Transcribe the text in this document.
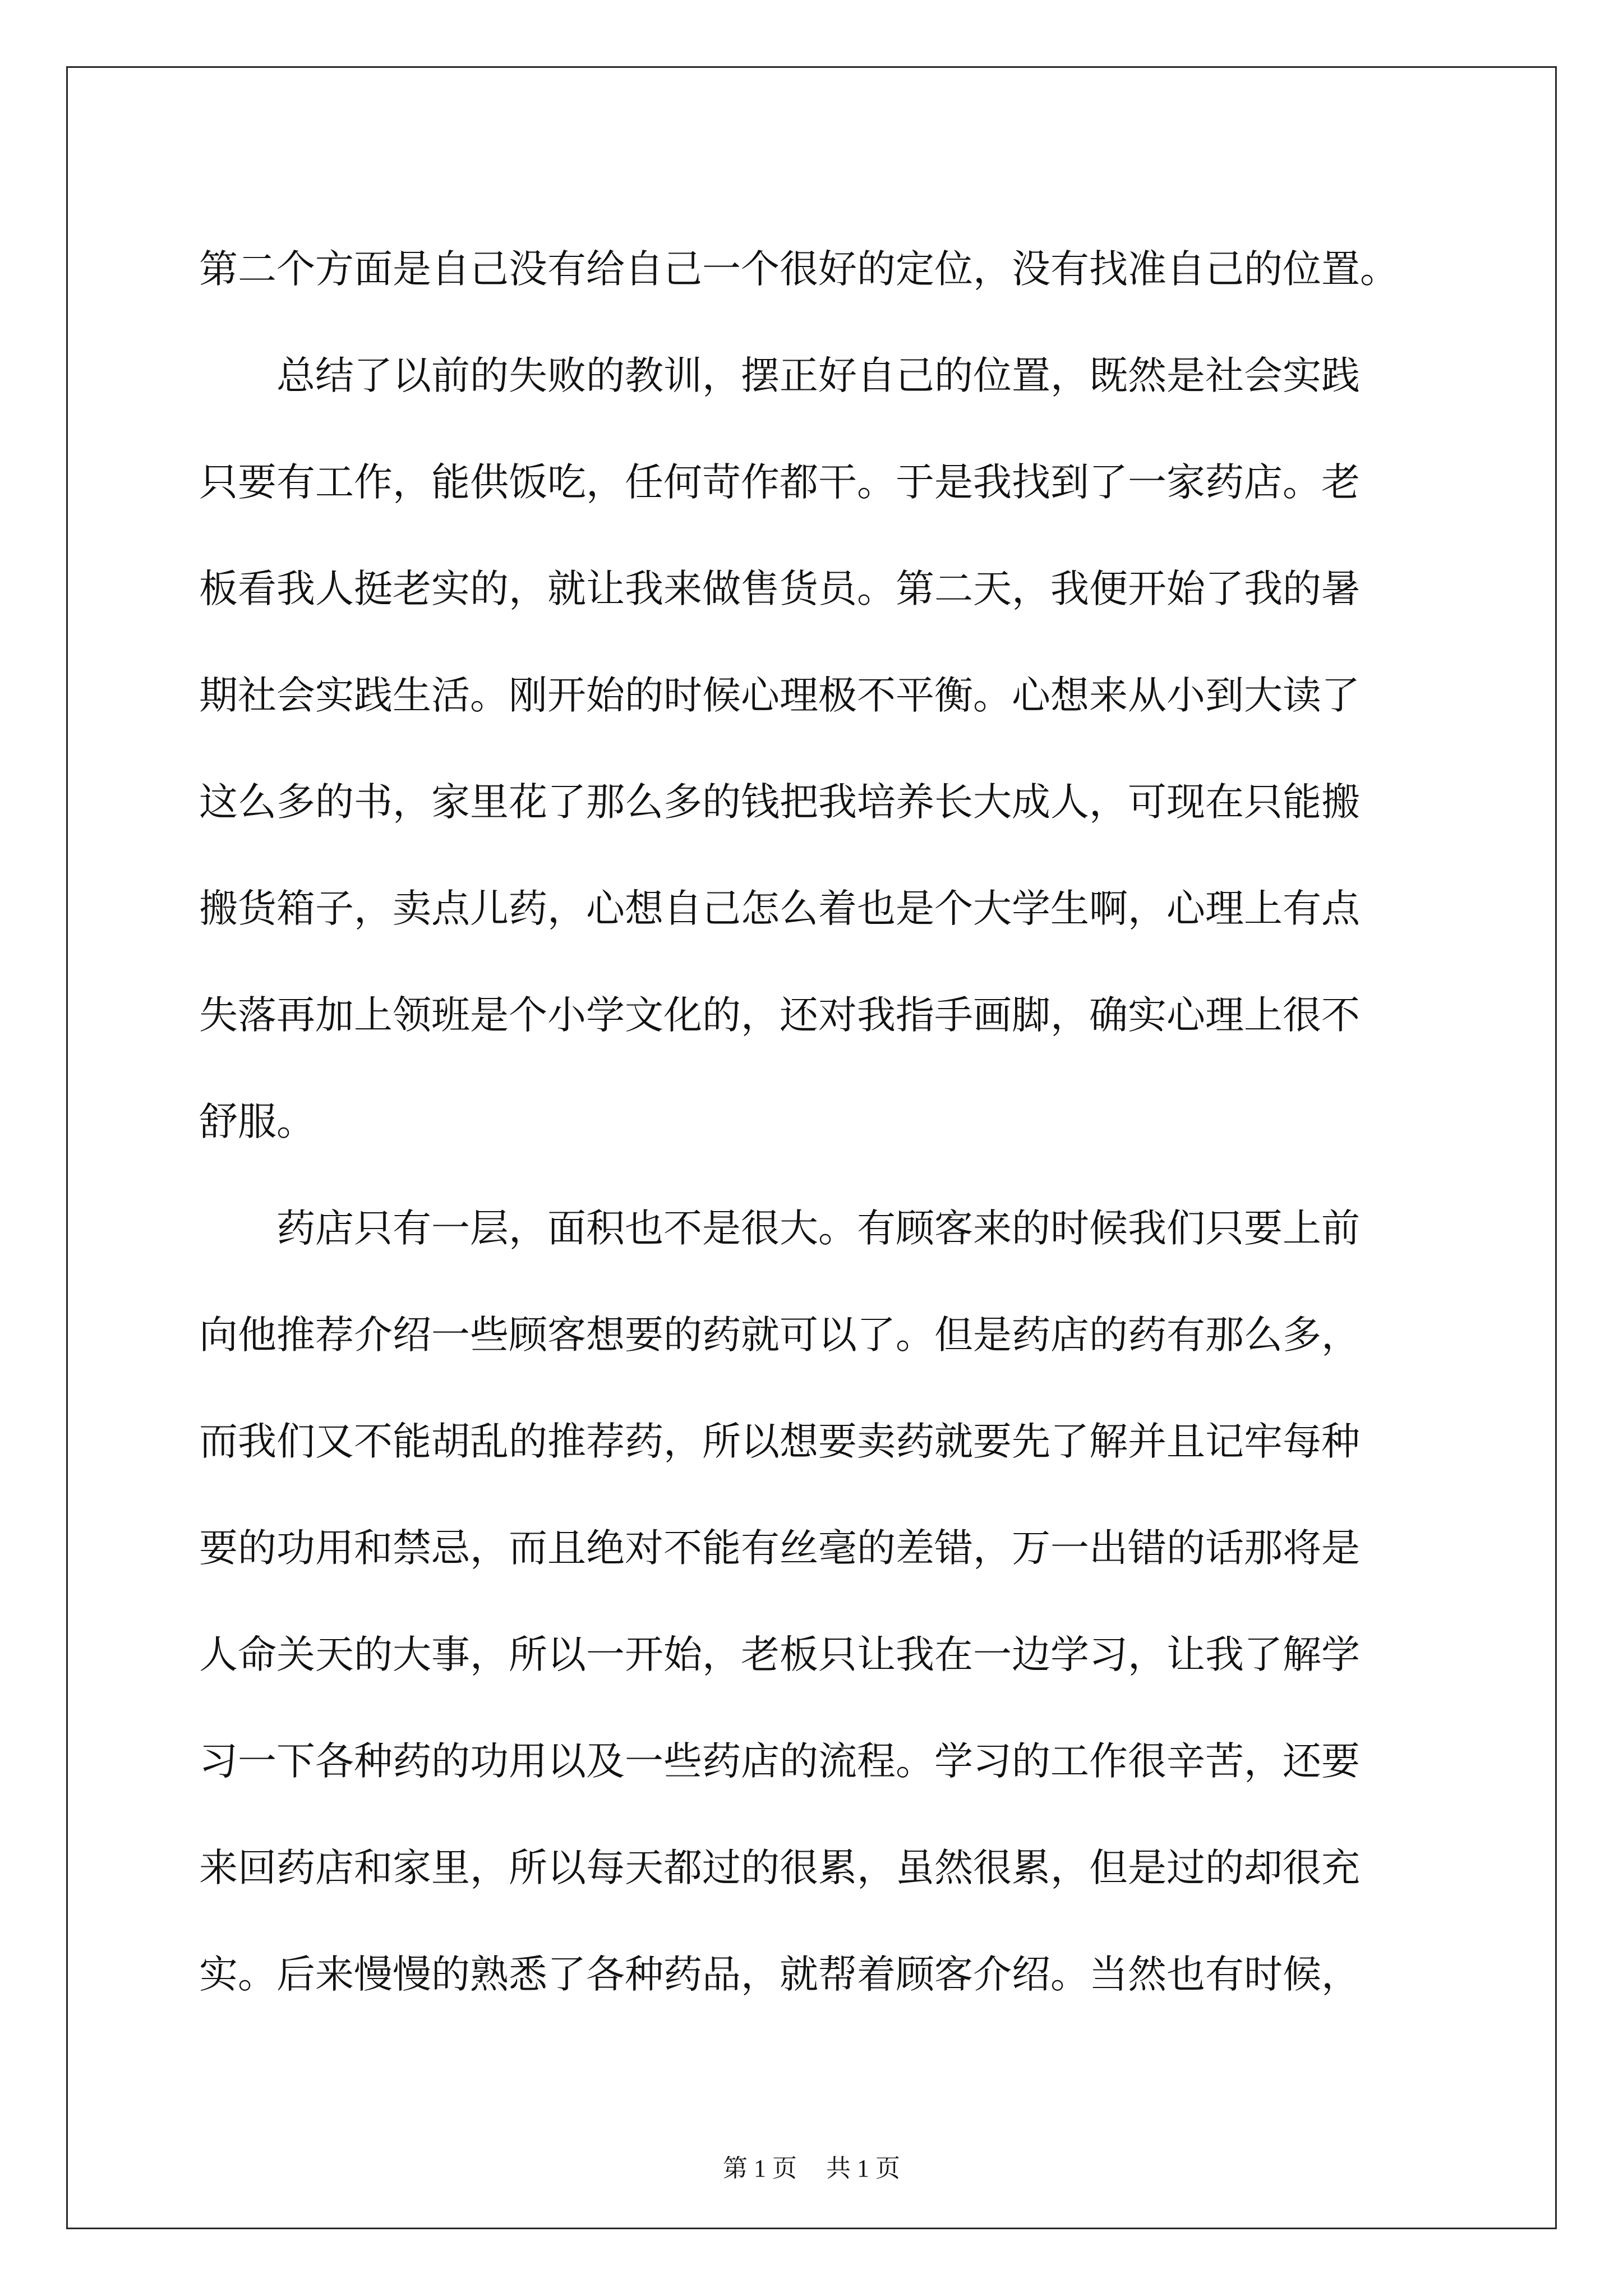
第二个方面是自己没有给自己一个很好的定位，没有找准自己的位置。
　　总结了以前的失败的教训，摆正好自己的位置，既然是社会实践
只要有工作，能供饭吃，任何苛作都干。于是我找到了一家药店。老
板看我人挺老实的，就让我来做售货员。第二天，我便开始了我的暑
期社会实践生活。刚开始的时候心理极不平衡。心想来从小到大读了
这么多的书，家里花了那么多的钱把我培养长大成人，可现在只能搬
搬货箱子，卖点儿药，心想自己怎么着也是个大学生啊，心理上有点
失落再加上领班是个小学文化的，还对我指手画脚，确实心理上很不
舒服。
　　药店只有一层，面积也不是很大。有顾客来的时候我们只要上前
向他推荐介绍一些顾客想要的药就可以了。但是药店的药有那么多，
而我们又不能胡乱的推荐药，所以想要卖药就要先了解并且记牢每种
要的功用和禁忌，而且绝对不能有丝毫的差错，万一出错的话那将是
人命关天的大事，所以一开始，老板只让我在一边学习，让我了解学
习一下各种药的功用以及一些药店的流程。学习的工作很辛苦，还要
来回药店和家里，所以每天都过的很累，虽然很累，但是过的却很充
实。后来慢慢的熟悉了各种药品，就帮着顾客介绍。当然也有时候，
第 1 页 共 1 页
